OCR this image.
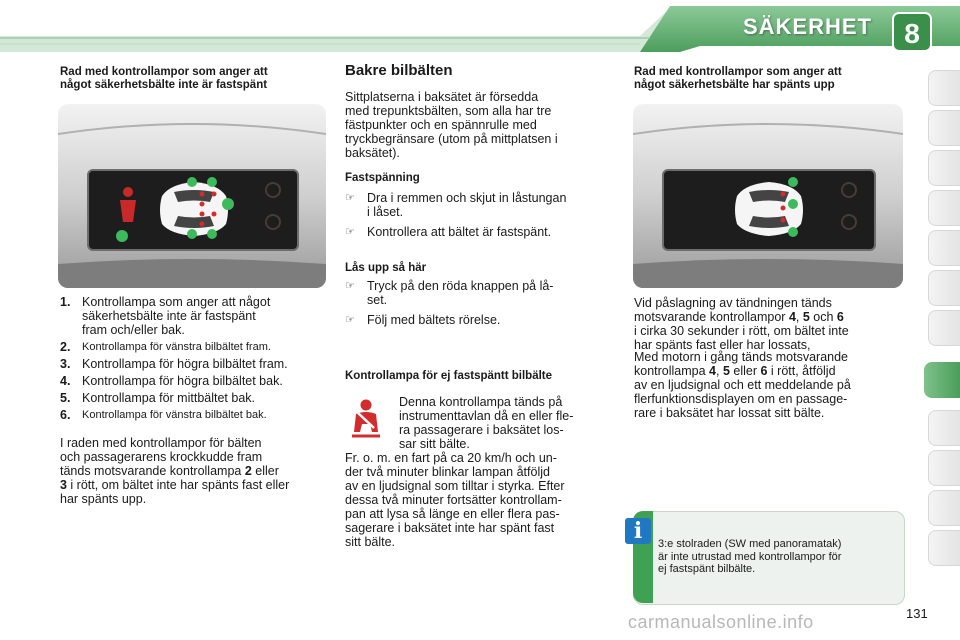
SÄKERHET 8
Rad med kontrollampor som anger att
något säkerhetsbälte inte är fastspänt
1. Kontrollampa som anger att något
säkerhetsbälte inte är fastspänt
fram och/eller bak.
2.	Kontrollampa för vänstra bilbältet fram.
3. Kontrollampa för högra bilbältet fram.
4. Kontrollampa för högra bilbältet bak.
5. Kontrollampa för mittbältet bak.
6.	Kontrollampa för vänstra bilbältet bak.
I raden med kontrollampor för bälten
och passagerarens krockkudde fram
tänds motsvarande kontrollampa 2 eller
3 i rött, om bältet inte har spänts fast eller
har spänts upp.
Bakre bilbälten
Sittplatserna i baksätet är försedda
med trepunktsbälten, som alla har tre
fästpunkter och en spännrulle med
tryckbegränsare (utom på mittplatsen i
baksätet).
Fastspänning
☞ Dra i remmen och skjut in låstungan
i låset.
☞ Kontrollera att bältet är fastspänt.
Lås upp så här
☞ Tryck på den röda knappen på lå-
set.
☞ Följ med bältets rörelse.
Kontrollampa för ej fastspäntt bilbälte
Denna kontrollampa tänds på
instrumenttavlan då en eller fle-
ra passagerare i baksätet los-
sar sitt bälte.
Fr. o. m. en fart på ca 20 km/h och un-
der två minuter blinkar lampan åtföljd
av en ljudsignal som tilltar i styrka. Efter
dessa två minuter fortsätter kontrollam-
pan att lysa så länge en eller flera pas-
sagerare i baksätet inte har spänt fast
sitt bälte.
Rad med kontrollampor som anger att
något säkerhetsbälte har spänts upp
Vid påslagning av tändningen tänds
motsvarande kontrollampor 4, 5 och 6
i cirka 30 sekunder i rött, om bältet inte
har spänts fast eller har lossats,
Med motorn i gång tänds motsvarande
kontrollampa 4, 5 eller 6 i rött, åtföljd
av en ljudsignal och ett meddelande på
flerfunktionsdisplayen om en passage-
rare i baksätet har lossat sitt bälte.
i	3:e stolraden (SW med panoramatak)
är inte utrustad med kontrollampor för
ej fastspänt bilbälte.
carmanualsonline.info	131
